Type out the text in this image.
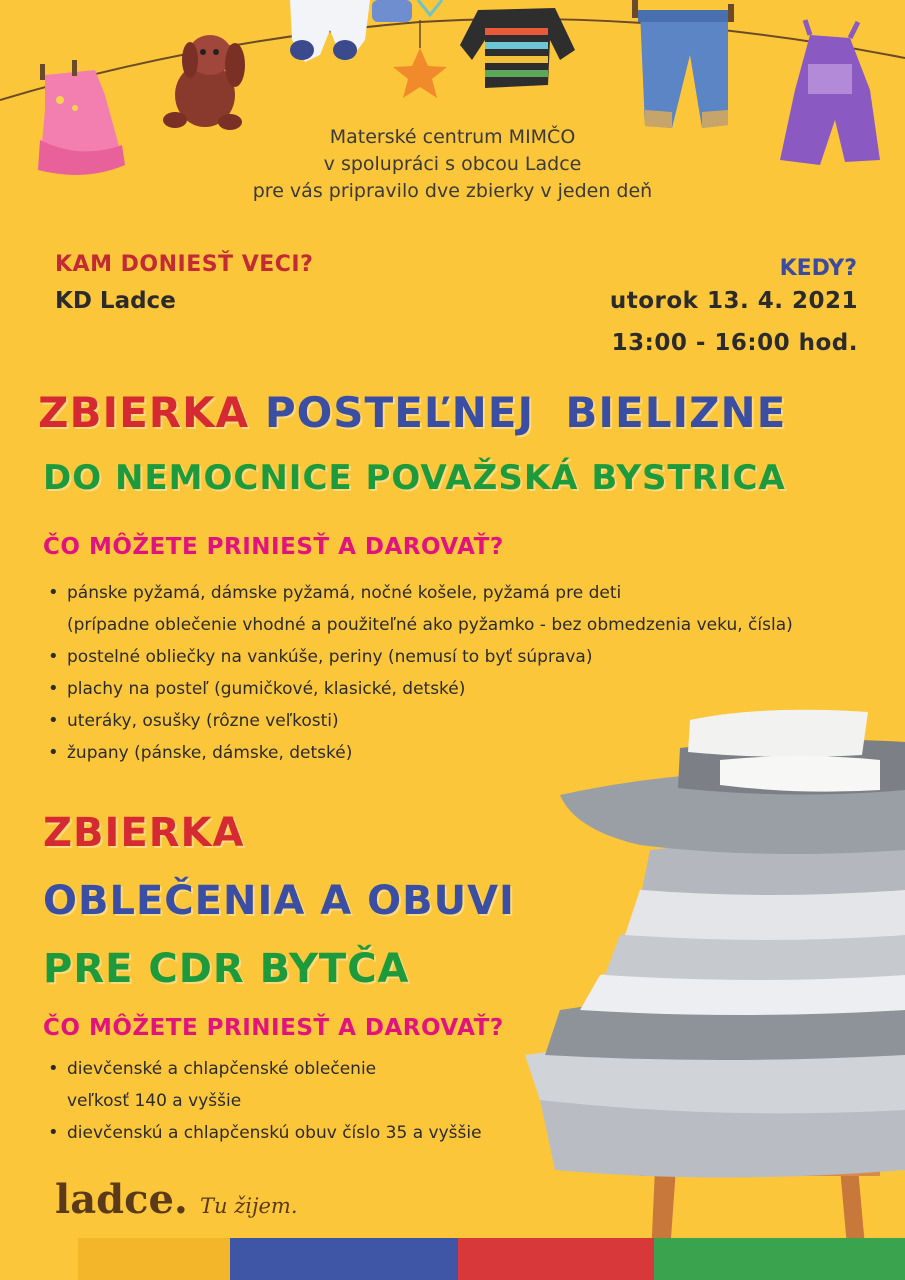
Materské centrum MIMČO
v spolupráci s obcou Ladce
pre vás pripravilo dve zbierky v jeden deň
KAM DONIESŤ VECI?
KD Ladce
KEDY?
utorok 13. 4. 2021
13:00 - 16:00 hod.
ZBIERKA POSTEĽNEJ  BIELIZNE
DO NEMOCNICE POVAŽSKÁ BYSTRICA
ČO MÔŽETE PRINIESŤ A DAROVAŤ?
• pánske pyžamá, dámske pyžamá, nočné košele, pyžamá pre deti
(prípadne oblečenie vhodné a použiteľné ako pyžamko - bez obmedzenia veku, čísla)
• postelné obliečky na vankúše, periny (nemusí to byť súprava)
• plachy na posteľ (gumičkové, klasické, detské)
• uteráky, osušky (rôzne veľkosti)
• župany (pánske, dámske, detské)
ZBIERKA
OBLEČENIA A OBUVI
PRE CDR BYTČA
ČO MÔŽETE PRINIESŤ A DAROVAŤ?
• dievčenské a chlapčenské oblečenie
veľkosť 140 a vyššie
• dievčenskú a chlapčenskú obuv číslo 35 a vyššie
ladce. Tu žijem.
